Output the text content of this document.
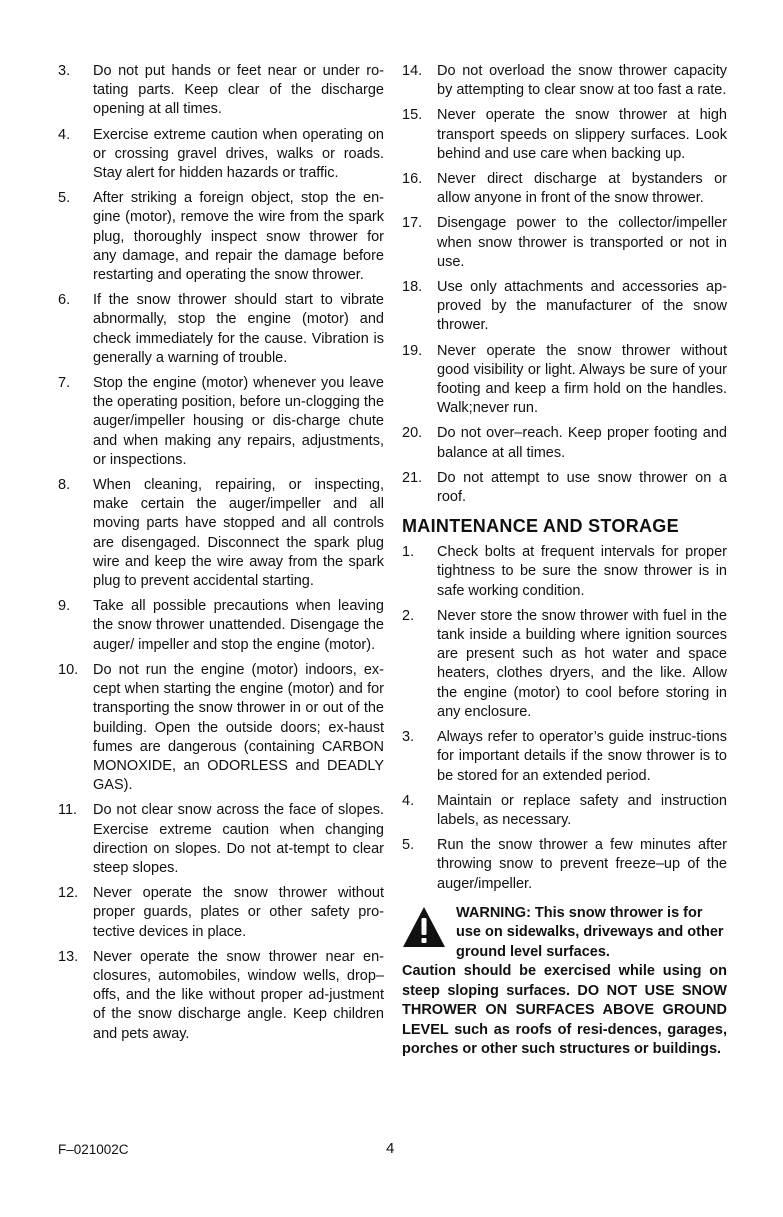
3.	Do not put hands or feet near or under ro-tating parts. Keep clear of the discharge opening at all times.
4.	Exercise extreme caution when operating on or crossing gravel drives, walks or roads. Stay alert for hidden hazards or traffic.
5.	After striking a foreign object, stop the en-gine (motor), remove the wire from the spark plug, thoroughly inspect snow thrower for any damage, and repair the damage before restarting and operating the snow thrower.
6.	If the snow thrower should start to vibrate abnormally, stop the engine (motor) and check immediately for the cause. Vibration is generally a warning of trouble.
7.	Stop the engine (motor) whenever you leave the operating position, before un-clogging the auger/impeller housing or dis-charge chute and when making any repairs, adjustments, or inspections.
8.	When cleaning, repairing, or inspecting, make certain the auger/impeller and all moving parts have stopped and all controls are disengaged. Disconnect the spark plug wire and keep the wire away from the spark plug to prevent accidental starting.
9.	Take all possible precautions when leaving the snow thrower unattended. Disengage the auger/ impeller and stop the engine (motor).
10.	Do not run the engine (motor) indoors, ex-cept when starting the engine (motor) and for transporting the snow thrower in or out of the building. Open the outside doors; ex-haust fumes are dangerous (containing CARBON MONOXIDE, an ODORLESS and DEADLY GAS).
11.	Do not clear snow across the face of slopes. Exercise extreme caution when changing direction on slopes. Do not at-tempt to clear steep slopes.
12.	Never operate the snow thrower without proper guards, plates or other safety pro-tective devices in place.
13.	Never operate the snow thrower near en-closures, automobiles, window wells, drop–offs, and the like without proper ad-justment of the snow discharge angle. Keep children and pets away.
14.	Do not overload the snow thrower capacity by attempting to clear snow at too fast a rate.
15.	Never operate the snow thrower at high transport speeds on slippery surfaces. Look behind and use care when backing up.
16.	Never direct discharge at bystanders or allow anyone in front of the snow thrower.
17.	Disengage power to the collector/impeller when snow thrower is transported or not in use.
18.	Use only attachments and accessories ap-proved by the manufacturer of the snow thrower.
19.	Never operate the snow thrower without good visibility or light. Always be sure of your footing and keep a firm hold on the handles. Walk;never run.
20.	Do not over–reach. Keep proper footing and balance at all times.
21.	Do not attempt to use snow thrower on a roof.
MAINTENANCE AND STORAGE
1.	Check bolts at frequent intervals for proper tightness to be sure the snow thrower is in safe working condition.
2.	Never store the snow thrower with fuel in the tank inside a building where ignition sources are present such as hot water and space heaters, clothes dryers, and the like. Allow the engine (motor) to cool before storing in any enclosure.
3.	Always refer to operator’s guide instruc-tions for important details if the snow thrower is to be stored for an extended period.
4.	Maintain or replace safety and instruction labels, as necessary.
5.	Run the snow thrower a few minutes after throwing snow to prevent freeze–up of the auger/impeller.
WARNING: This snow thrower is for use on sidewalks, driveways and other ground level surfaces.
Caution should be exercised while using on steep sloping surfaces. DO NOT USE SNOW THROWER ON SURFACES ABOVE GROUND LEVEL such as roofs of resi-dences, garages, porches or other such structures or buildings.
F–021002C	4
